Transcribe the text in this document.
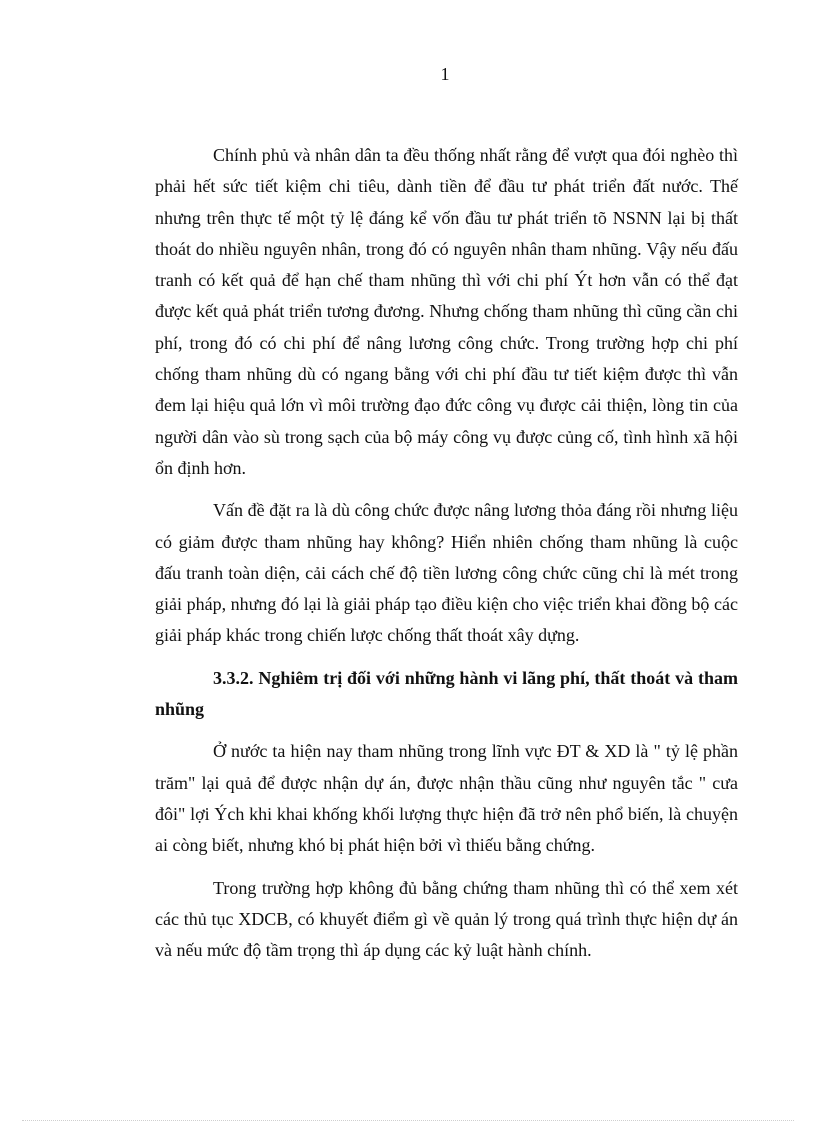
1

Chính phủ và nhân dân ta đều thống nhất rằng để vượt qua đói nghèo thì phải hết sức tiết kiệm chi tiêu, dành tiền để đầu tư phát triển đất nước. Thế nhưng trên thực tế một tỷ lệ đáng kể vốn đầu tư phát triển tõ NSNN lại bị thất thoát do nhiều nguyên nhân, trong đó có nguyên nhân tham nhũng. Vậy nếu đấu tranh có kết quả để hạn chế tham nhũng thì với chi phí Ýt hơn vẫn có thể đạt được kết quả phát triển tương đương. Nhưng chống tham nhũng thì cũng cần chi phí, trong đó có chi phí để nâng lương công chức. Trong trường hợp chi phí chống tham nhũng dù có ngang bằng với chi phí đầu tư tiết kiệm được thì vẫn đem lại hiệu quả lớn vì môi trường đạo đức công vụ được cải thiện, lòng tin của người dân vào sù trong sạch của bộ máy công vụ được củng cố, tình hình xã hội ổn định hơn.

Vấn đề đặt ra là dù công chức được nâng lương thỏa đáng rồi nhưng liệu có giảm được tham nhũng hay không? Hiển nhiên chống tham nhũng là cuộc đấu tranh toàn diện, cải cách chế độ tiền lương công chức cũng chỉ là mét trong giải pháp, nhưng đó lại là giải pháp tạo điều kiện cho việc triển khai đồng bộ các giải pháp khác trong chiến lược chống thất thoát xây dựng.

3.3.2. Nghiêm trị đối với những hành vi lãng phí, thất thoát và tham nhũng

Ở nước ta hiện nay tham nhũng trong lĩnh vực ĐT & XD là " tỷ lệ phần trăm" lại quả để được nhận dự án, được nhận thầu cũng như nguyên tắc " cưa đôi" lợi Ých khi khai khống khối lượng thực hiện đã trở nên phổ biến, là chuyện ai còng biết, nhưng khó bị phát hiện bởi vì thiếu bằng chứng.

Trong trường hợp không đủ bằng chứng tham nhũng thì có thể xem xét các thủ tục XDCB, có khuyết điểm gì về quản lý trong quá trình thực hiện dự án và nếu mức độ tầm trọng thì áp dụng các kỷ luật hành chính.
